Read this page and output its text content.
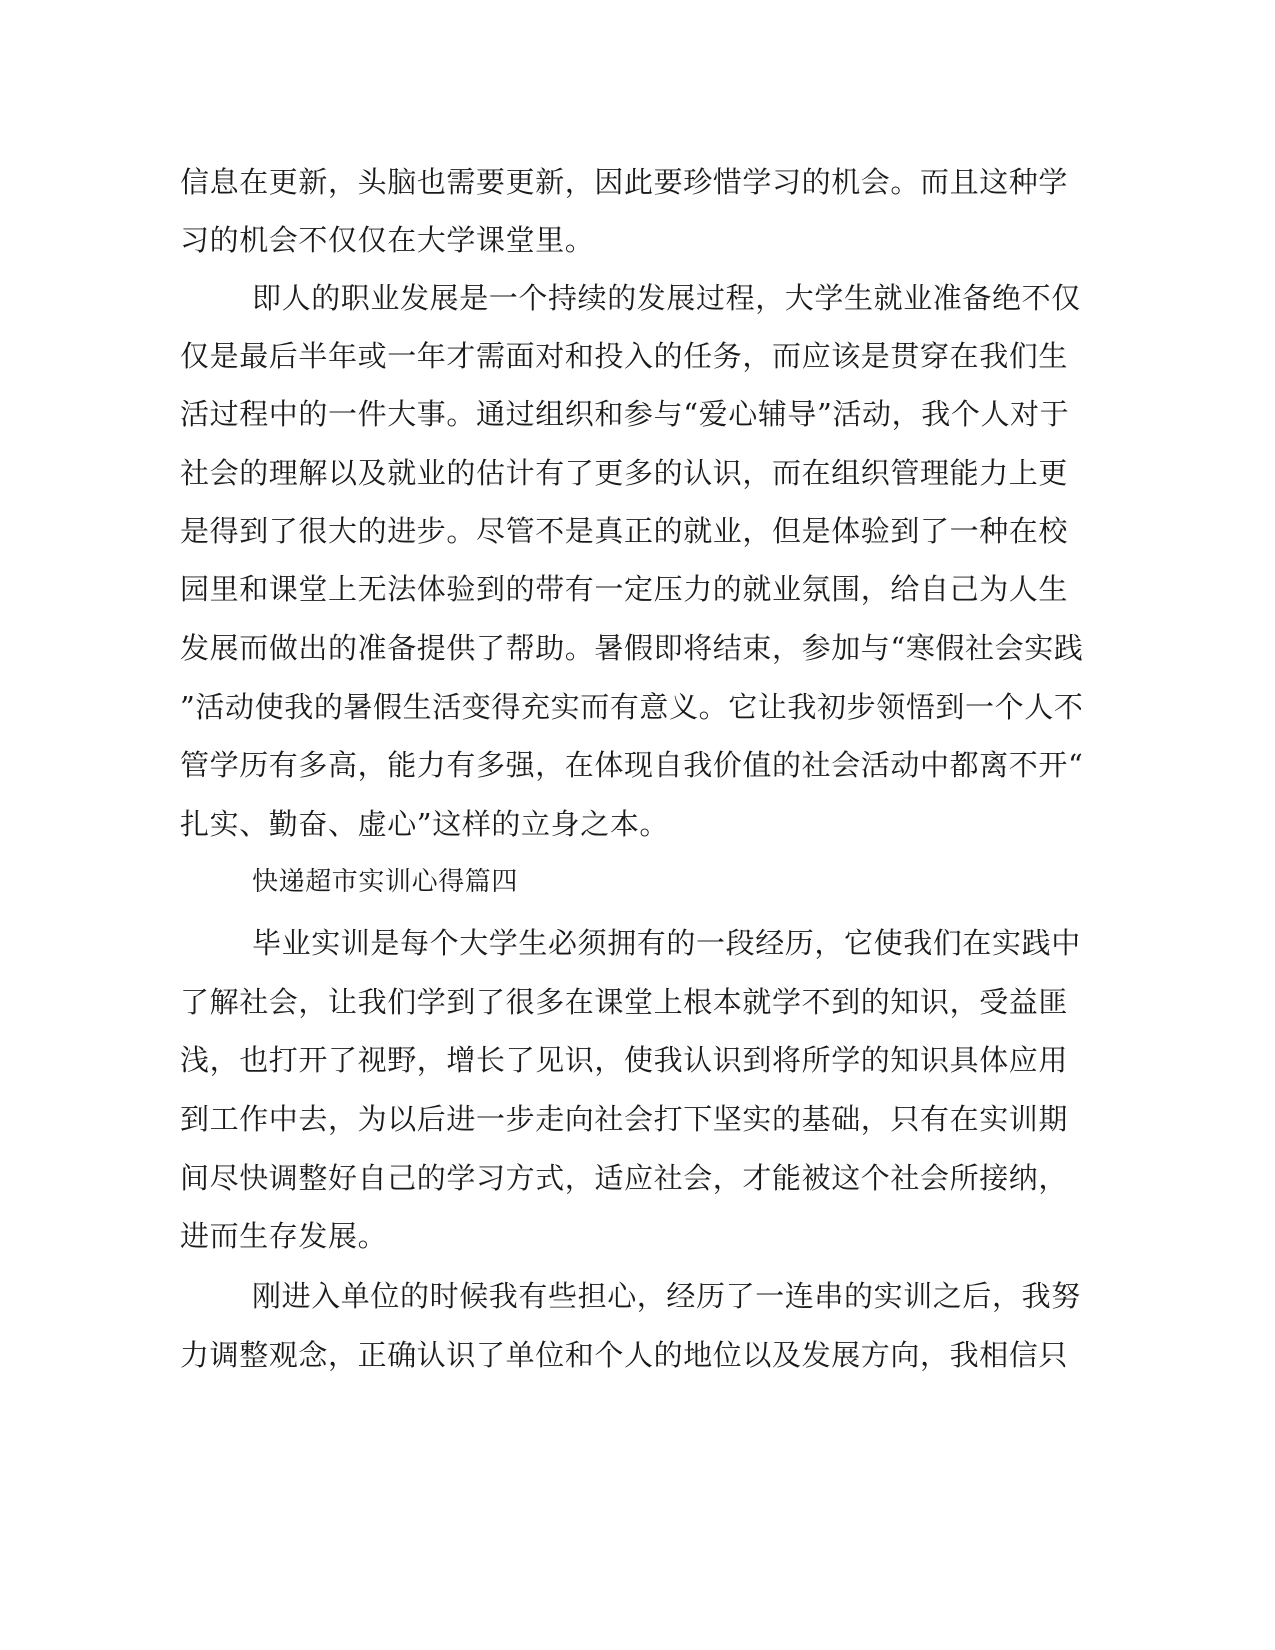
信息在更新，头脑也需要更新，因此要珍惜学习的机会。而且这种学
习的机会不仅仅在大学课堂里。
即人的职业发展是一个持续的发展过程，大学生就业准备绝不仅
仅是最后半年或一年才需面对和投入的任务，而应该是贯穿在我们生
活过程中的一件大事。通过组织和参与“爱心辅导”活动，我个人对于
社会的理解以及就业的估计有了更多的认识，而在组织管理能力上更
是得到了很大的进步。尽管不是真正的就业，但是体验到了一种在校
园里和课堂上无法体验到的带有一定压力的就业氛围，给自己为人生
发展而做出的准备提供了帮助。暑假即将结束，参加与“寒假社会实践
”活动使我的暑假生活变得充实而有意义。它让我初步领悟到一个人不
管学历有多高，能力有多强，在体现自我价值的社会活动中都离不开“
扎实、勤奋、虚心”这样的立身之本。
快递超市实训心得篇四
毕业实训是每个大学生必须拥有的一段经历，它使我们在实践中
了解社会，让我们学到了很多在课堂上根本就学不到的知识，受益匪
浅，也打开了视野，增长了见识，使我认识到将所学的知识具体应用
到工作中去，为以后进一步走向社会打下坚实的基础，只有在实训期
间尽快调整好自己的学习方式，适应社会，才能被这个社会所接纳，
进而生存发展。
刚进入单位的时候我有些担心，经历了一连串的实训之后，我努
力调整观念，正确认识了单位和个人的地位以及发展方向，我相信只
